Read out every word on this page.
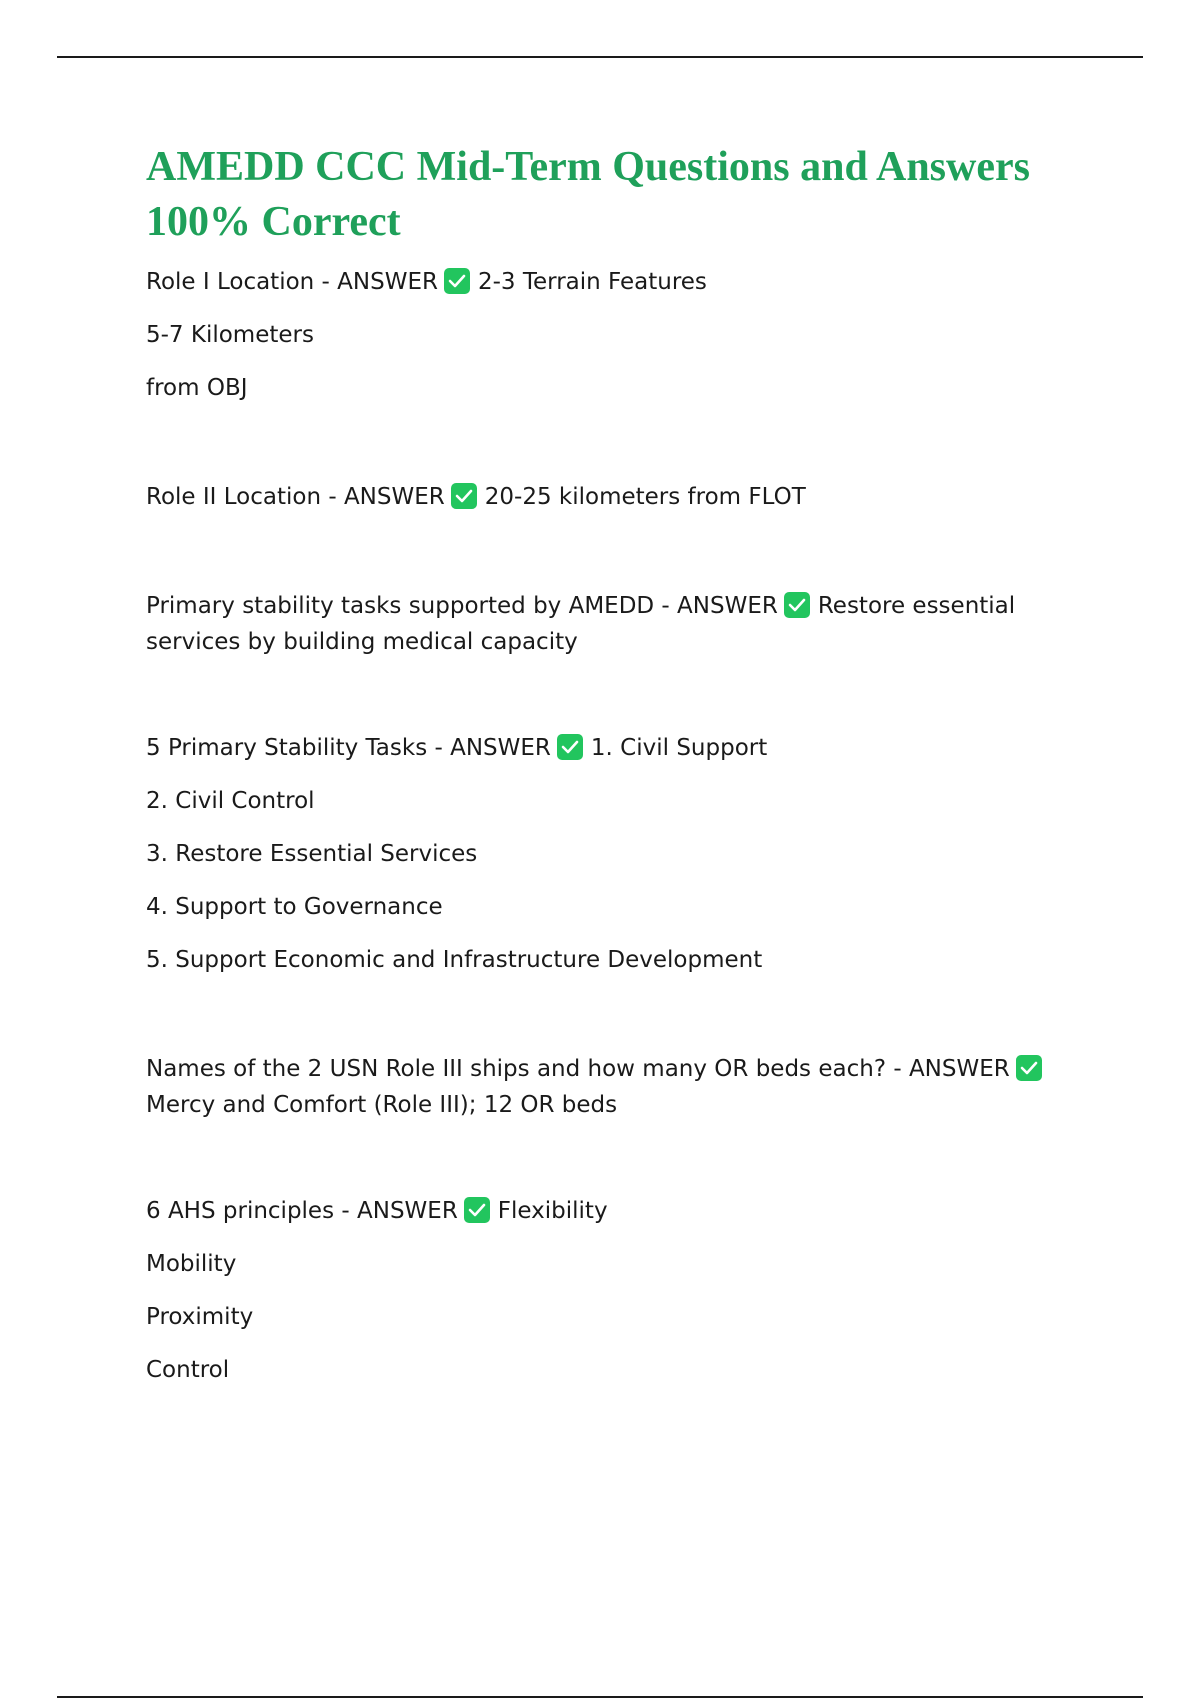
AMEDD CCC Mid-Term Questions and Answers 100% Correct

Role I Location - ANSWER 2-3 Terrain Features

5-7 Kilometers

from OBJ

Role II Location - ANSWER 20-25 kilometers from FLOT

Primary stability tasks supported by AMEDD - ANSWER Restore essential services by building medical capacity

5 Primary Stability Tasks - ANSWER 1. Civil Support

2. Civil Control

3. Restore Essential Services

4. Support to Governance

5. Support Economic and Infrastructure Development

Names of the 2 USN Role III ships and how many OR beds each? - ANSWER
Mercy and Comfort (Role III); 12 OR beds

6 AHS principles - ANSWER Flexibility

Mobility

Proximity

Control
